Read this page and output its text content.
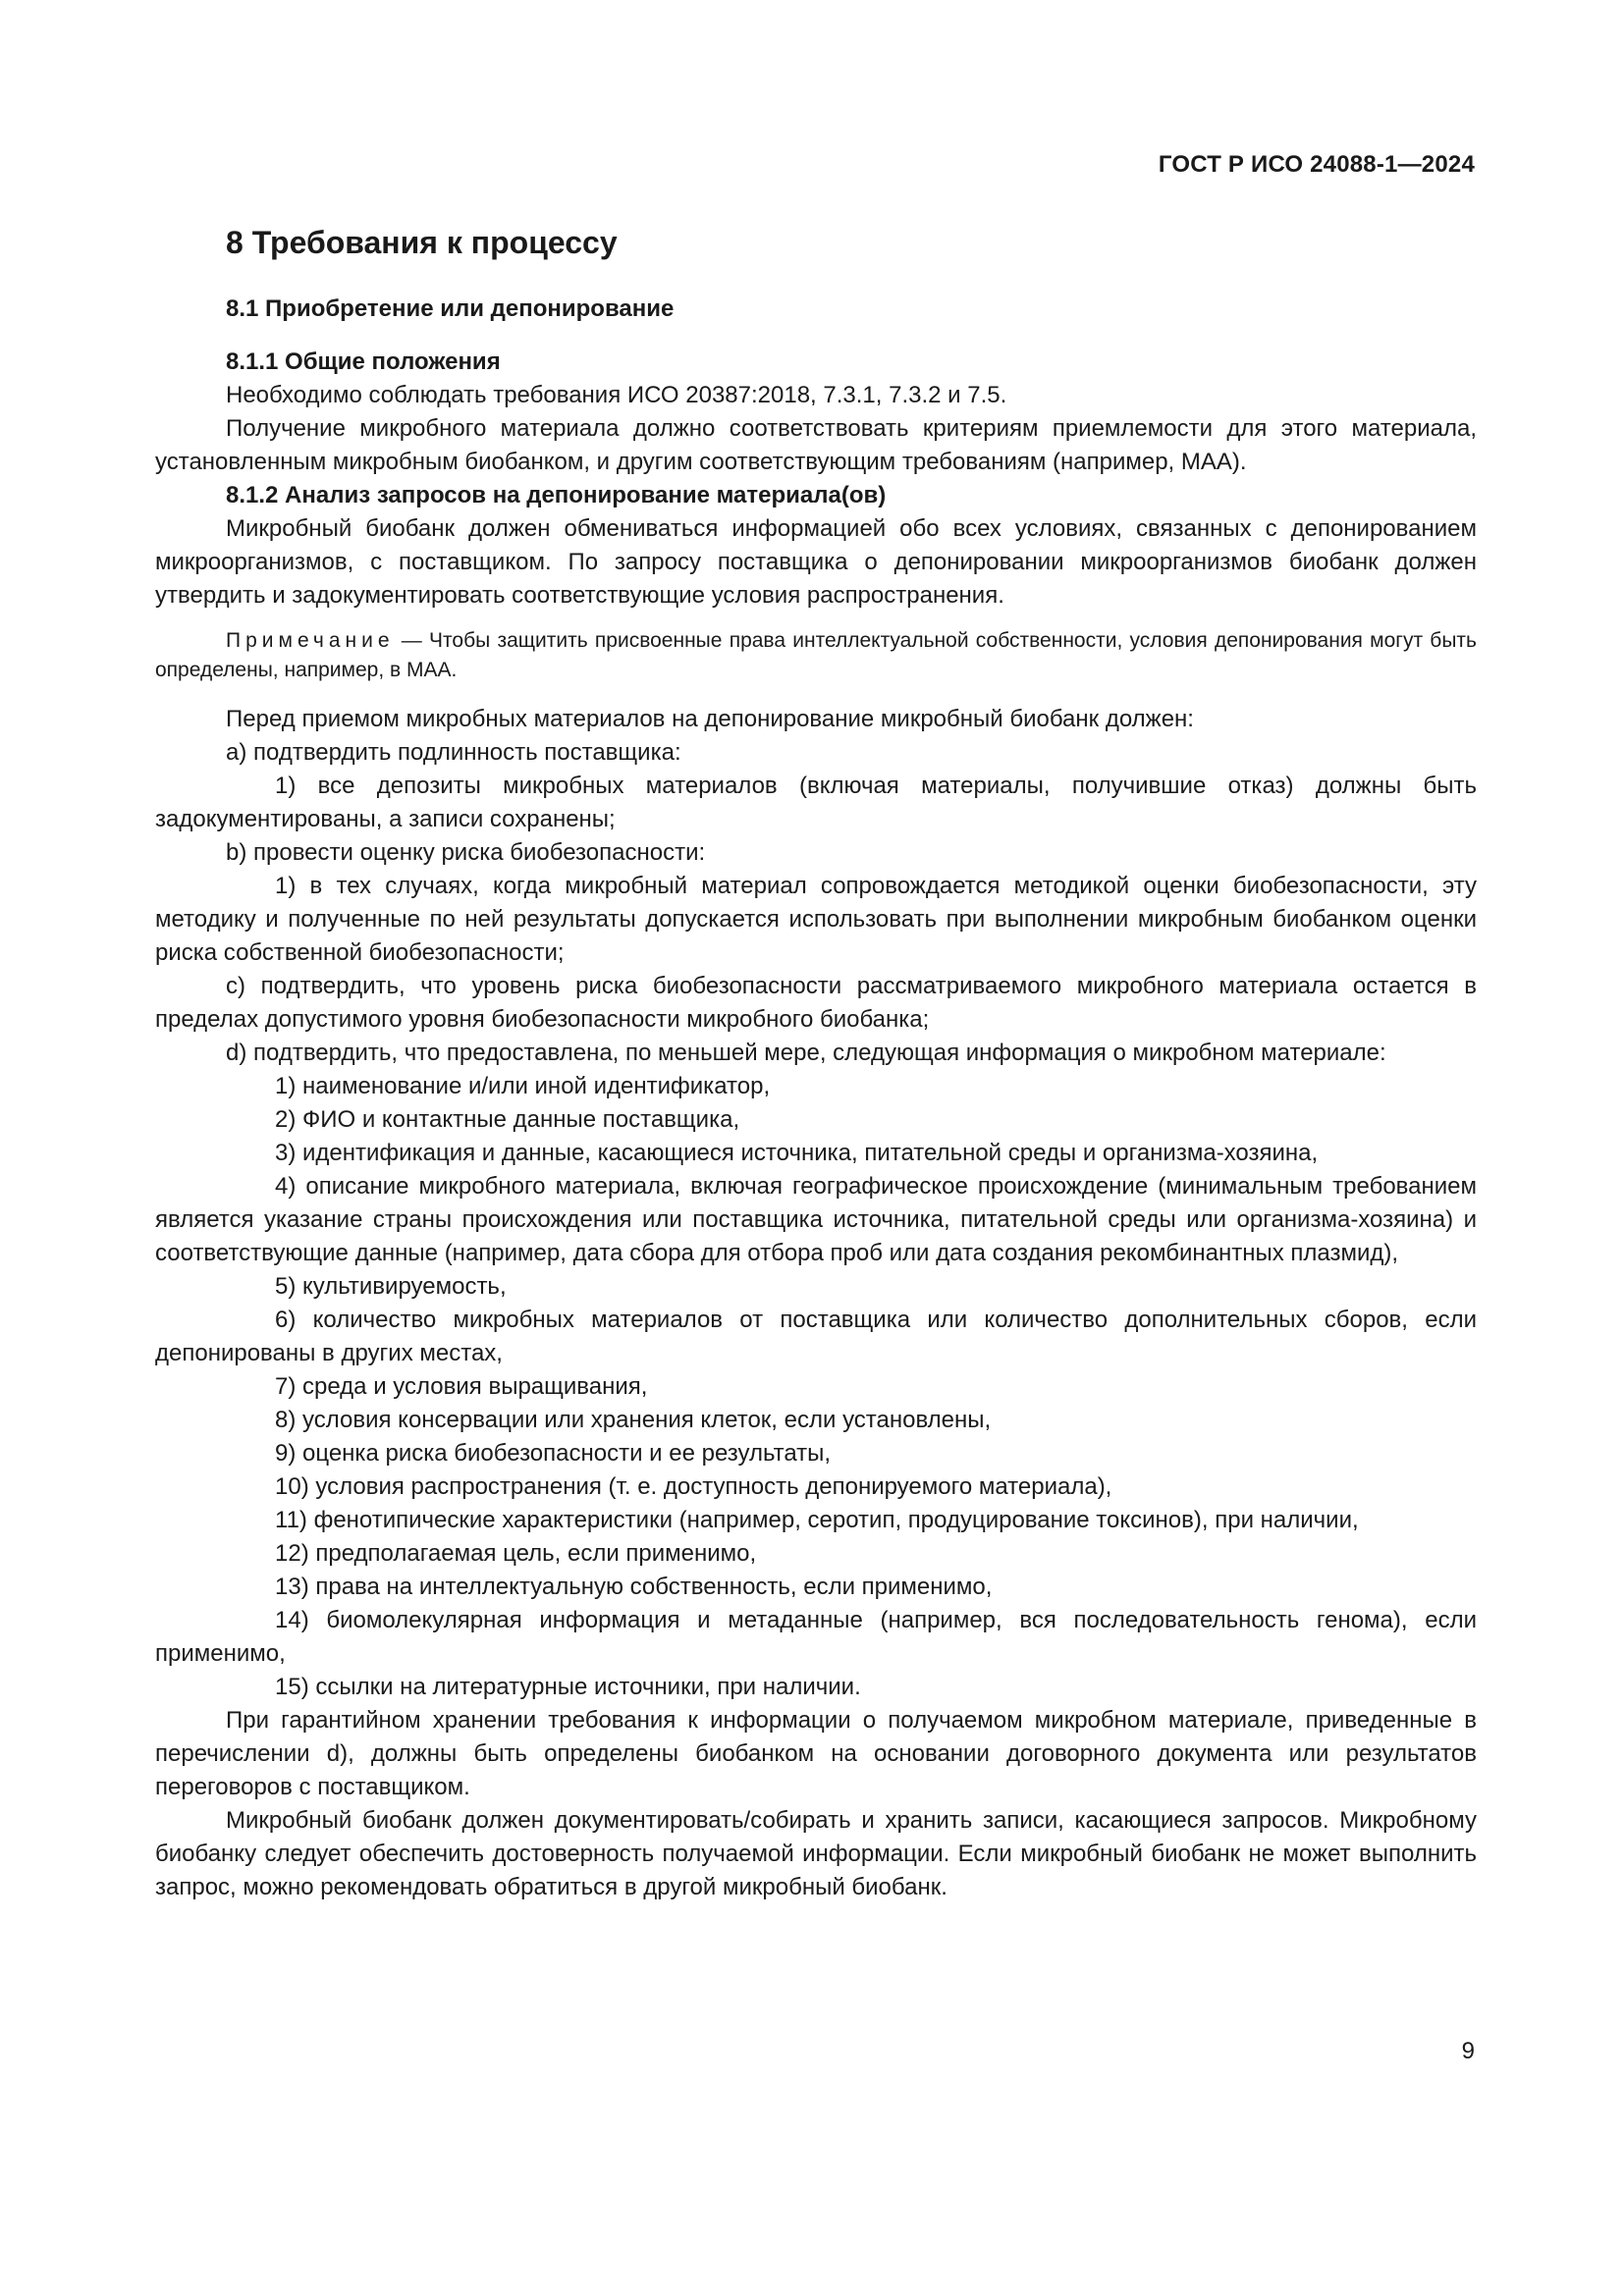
ГОСТ Р ИСО 24088-1—2024
8 Требования к процессу
8.1 Приобретение или депонирование
8.1.1 Общие положения

Необходимо соблюдать требования ИСО 20387:2018, 7.3.1, 7.3.2 и 7.5.

Получение микробного материала должно соответствовать критериям приемлемости для этого материала, установленным микробным биобанком, и другим соответствующим требованиям (например, МАА).

8.1.2 Анализ запросов на депонирование материала(ов)

Микробный биобанк должен обмениваться информацией обо всех условиях, связанных с депонированием микроорганизмов, с поставщиком. По запросу поставщика о депонировании микроорганизмов биобанк должен утвердить и задокументировать соответствующие условия распространения.

Примечание — Чтобы защитить присвоенные права интеллектуальной собственности, условия депонирования могут быть определены, например, в МАА.

Перед приемом микробных материалов на депонирование микробный биобанк должен:

a) подтвердить подлинность поставщика:

1) все депозиты микробных материалов (включая материалы, получившие отказ) должны быть задокументированы, а записи сохранены;

b) провести оценку риска биобезопасности:

1) в тех случаях, когда микробный материал сопровождается методикой оценки биобезопасности, эту методику и полученные по ней результаты допускается использовать при выполнении микробным биобанком оценки риска собственной биобезопасности;

c) подтвердить, что уровень риска биобезопасности рассматриваемого микробного материала остается в пределах допустимого уровня биобезопасности микробного биобанка;

d) подтвердить, что предоставлена, по меньшей мере, следующая информация о микробном материале:

1) наименование и/или иной идентификатор,

2) ФИО и контактные данные поставщика,

3) идентификация и данные, касающиеся источника, питательной среды и организма-хозяина,

4) описание микробного материала, включая географическое происхождение (минимальным требованием является указание страны происхождения или поставщика источника, питательной среды или организма-хозяина) и соответствующие данные (например, дата сбора для отбора проб или дата создания рекомбинантных плазмид),

5) культивируемость,

6) количество микробных материалов от поставщика или количество дополнительных сборов, если депонированы в других местах,

7) среда и условия выращивания,

8) условия консервации или хранения клеток, если установлены,

9) оценка риска биобезопасности и ее результаты,

10) условия распространения (т. е. доступность депонируемого материала),

11) фенотипические характеристики (например, серотип, продуцирование токсинов), при наличии,

12) предполагаемая цель, если применимо,

13) права на интеллектуальную собственность, если применимо,

14) биомолекулярная информация и метаданные (например, вся последовательность генома), если применимо,

15) ссылки на литературные источники, при наличии.

При гарантийном хранении требования к информации о получаемом микробном материале, приведенные в перечислении d), должны быть определены биобанком на основании договорного документа или результатов переговоров с поставщиком.

Микробный биобанк должен документировать/собирать и хранить записи, касающиеся запросов. Микробному биобанку следует обеспечить достоверность получаемой информации. Если микробный биобанк не может выполнить запрос, можно рекомендовать обратиться в другой микробный биобанк.

9
